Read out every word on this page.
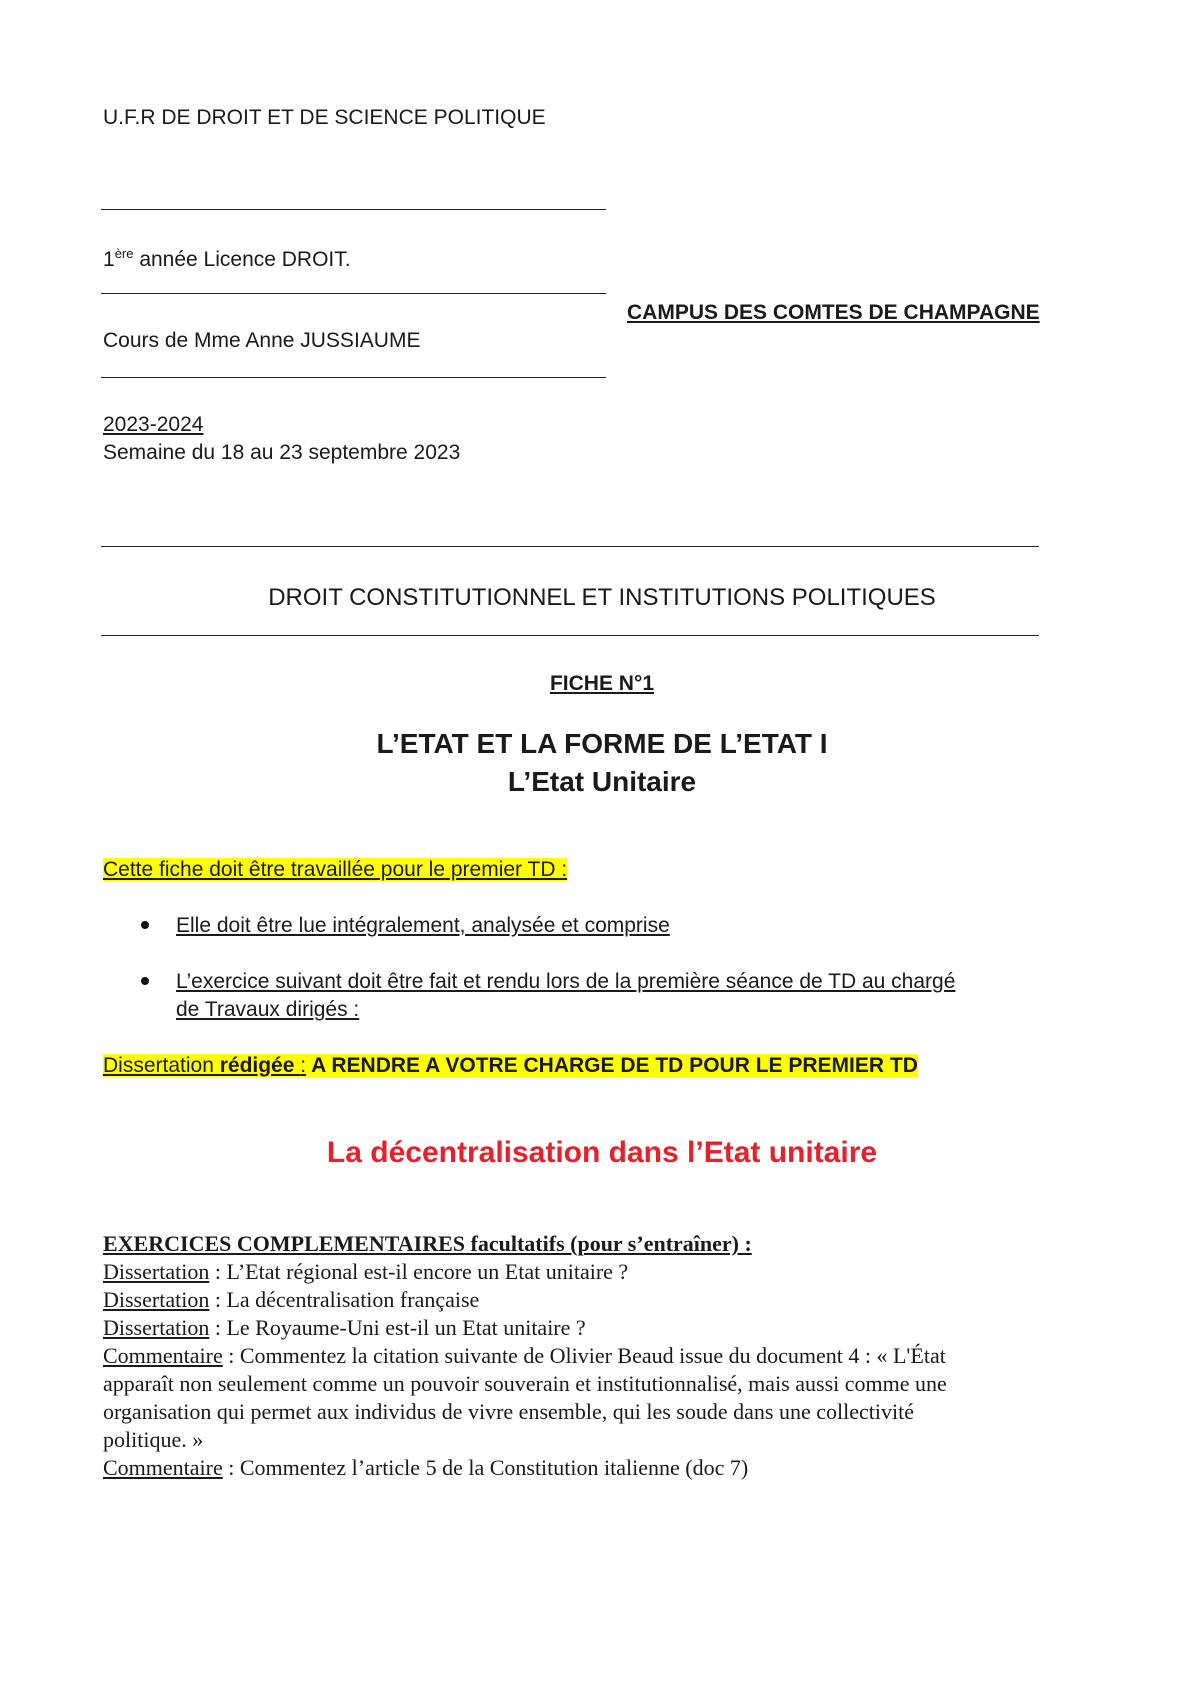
U.F.R DE DROIT ET DE SCIENCE POLITIQUE

1ère année Licence DROIT.

CAMPUS DES COMTES DE CHAMPAGNE

Cours de Mme Anne JUSSIAUME

2023-2024

Semaine du 18 au 23 septembre 2023

DROIT CONSTITUTIONNEL ET INSTITUTIONS POLITIQUES

FICHE N°1

L’ETAT ET LA FORME DE L’ETAT I

L’Etat Unitaire

Cette fiche doit être travaillée pour le premier TD :

Elle doit être lue intégralement, analysée et comprise

L’exercice suivant doit être fait et rendu lors de la première séance de TD au chargé

de Travaux dirigés :

Dissertation rédigée : A RENDRE A VOTRE CHARGE DE TD POUR LE PREMIER TD

La décentralisation dans l’Etat unitaire

EXERCICES COMPLEMENTAIRES facultatifs (pour s’entraîner) :

Dissertation : L’Etat régional est-il encore un Etat unitaire ?

Dissertation : La décentralisation française

Dissertation : Le Royaume-Uni est-il un Etat unitaire ?

Commentaire : Commentez la citation suivante de Olivier Beaud issue du document 4 : « L'État

apparaît non seulement comme un pouvoir souverain et institutionnalisé, mais aussi comme une

organisation qui permet aux individus de vivre ensemble, qui les soude dans une collectivité

politique. »

Commentaire : Commentez l’article 5 de la Constitution italienne (doc 7)
